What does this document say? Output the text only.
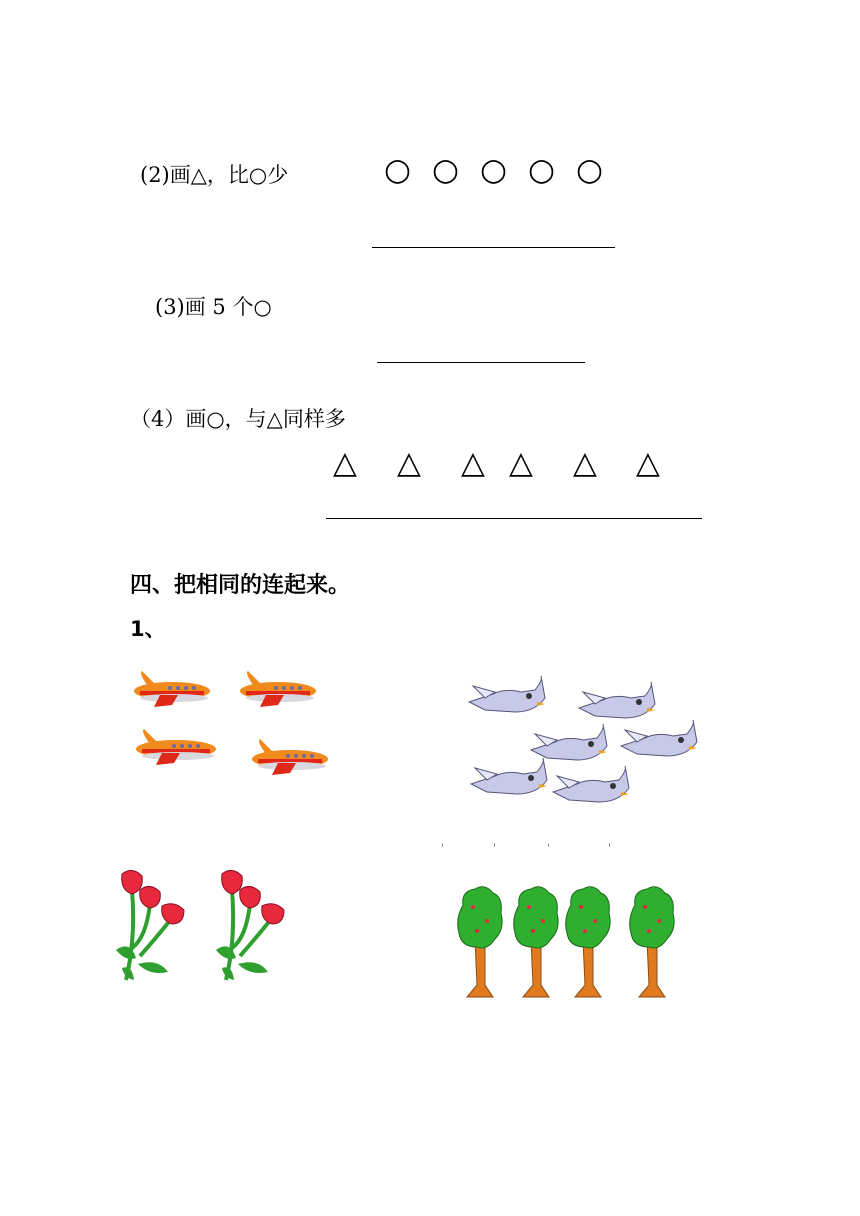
(2)画△，比○少	○ ○ ○ ○ ○
(3)画 5 个○
（4）画○，与△同样多
△ △ △ △ △ △
四、把相同的连起来。
1、
'	'	'	'
